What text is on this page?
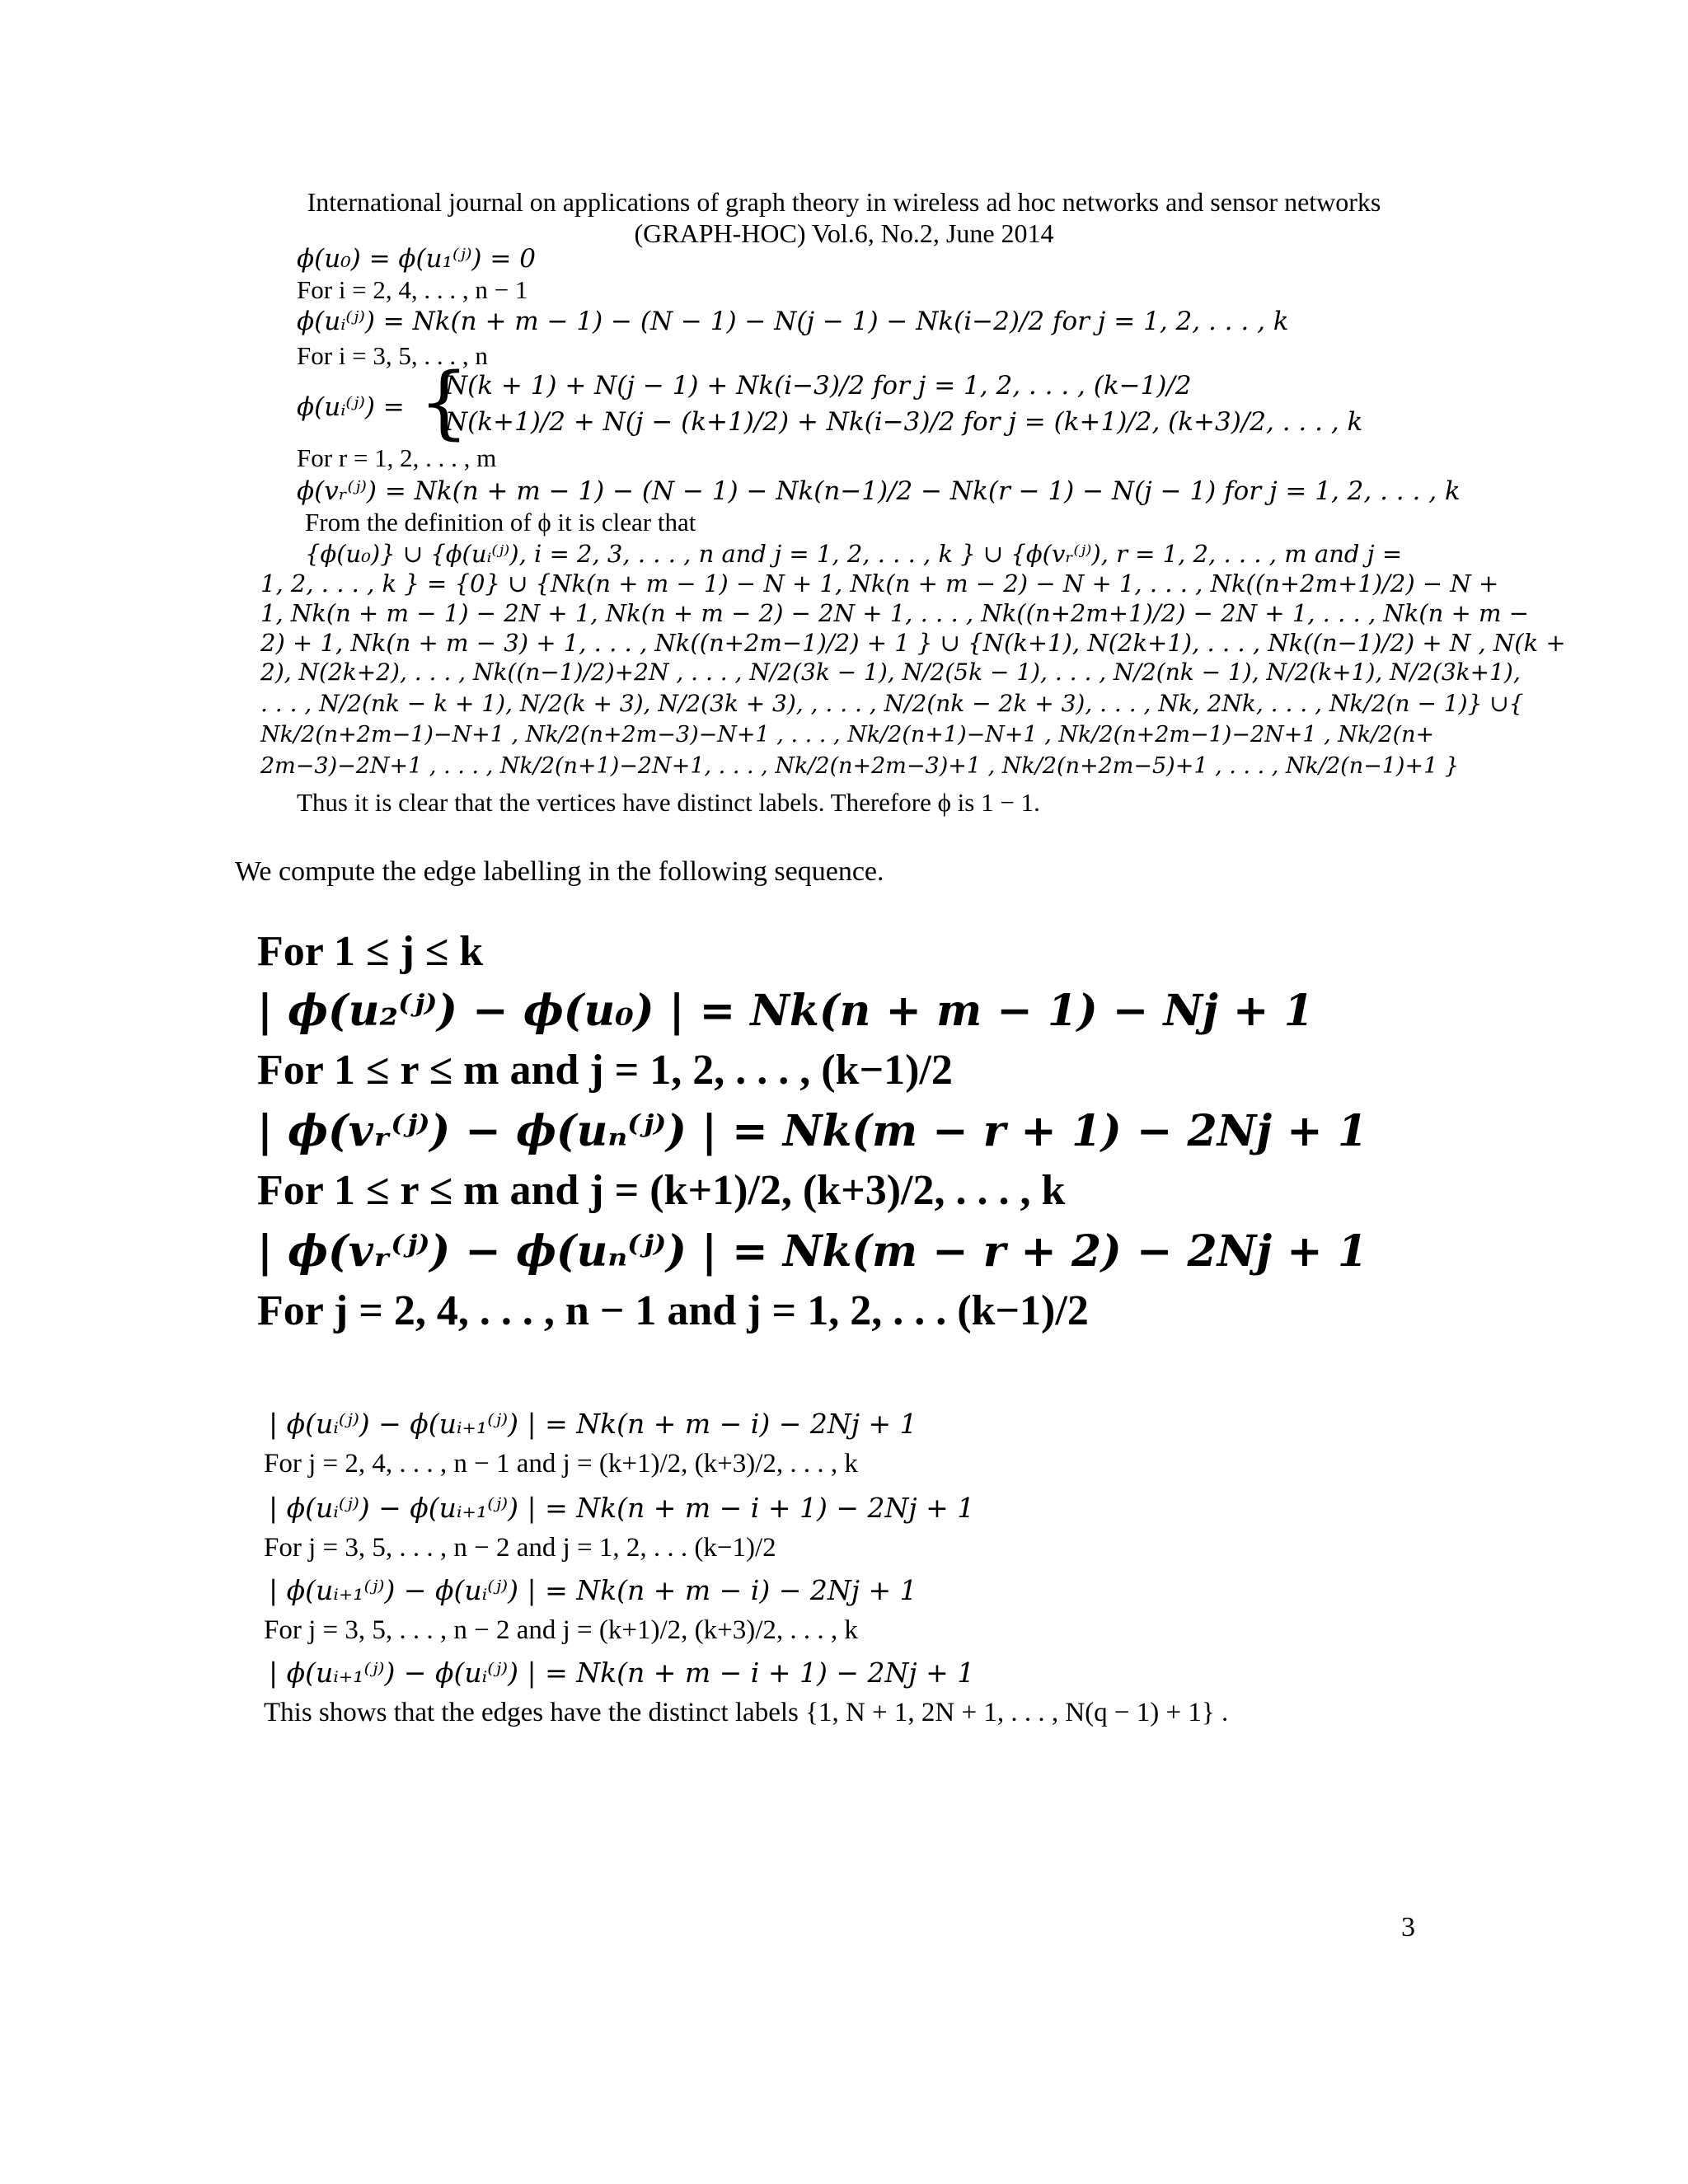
International journal on applications of graph theory in wireless ad hoc networks and sensor networks
(GRAPH-HOC) Vol.6, No.2, June 2014
ϕ(u₀) = ϕ(u₁⁽ʲ⁾) = 0
For i = 2, 4, . . . , n − 1
ϕ(uᵢ⁽ʲ⁾) = Nk(n + m − 1) − (N − 1) − N(j − 1) − Nk(i−2)/2 for j = 1, 2, . . . , k
For i = 3, 5, . . . , n
ϕ(uᵢ⁽ʲ⁾) = {
N(k + 1) + N(j − 1) + Nk(i−3)/2 for j = 1, 2, . . . , (k−1)/2
N(k+1)/2 + N(j − (k+1)/2) + Nk(i−3)/2 for j = (k+1)/2, (k+3)/2, . . . , k
For r = 1, 2, . . . , m
ϕ(vᵣ⁽ʲ⁾) = Nk(n + m − 1) − (N − 1) − Nk(n−1)/2 − Nk(r − 1) − N(j − 1) for j = 1, 2, . . . , k
From the definition of ϕ it is clear that
{ϕ(u₀)} ∪ {ϕ(uᵢ⁽ʲ⁾), i = 2, 3, . . . , n and j = 1, 2, . . . , k } ∪ {ϕ(vᵣ⁽ʲ⁾), r = 1, 2, . . . , m and j =
1, 2, . . . , k } = {0} ∪ {Nk(n + m − 1) − N + 1, Nk(n + m − 2) − N + 1, . . . , Nk((n+2m+1)/2) − N +
1, Nk(n + m − 1) − 2N + 1, Nk(n + m − 2) − 2N + 1, . . . , Nk((n+2m+1)/2) − 2N + 1, . . . , Nk(n + m −
2) + 1, Nk(n + m − 3) + 1, . . . , Nk((n+2m−1)/2) + 1 } ∪ {N(k+1), N(2k+1), . . . , Nk((n−1)/2) + N , N(k +
2), N(2k+2), . . . , Nk((n−1)/2)+2N , . . . , N/2(3k − 1), N/2(5k − 1), . . . , N/2(nk − 1), N/2(k+1), N/2(3k+1),
. . . , N/2(nk − k + 1), N/2(k + 3), N/2(3k + 3), , . . . , N/2(nk − 2k + 3), . . . , Nk, 2Nk, . . . , Nk/2(n − 1)} ∪{
Nk/2(n+2m−1)−N+1 , Nk/2(n+2m−3)−N+1 , . . . , Nk/2(n+1)−N+1 , Nk/2(n+2m−1)−2N+1 , Nk/2(n+
2m−3)−2N+1 , . . . , Nk/2(n+1)−2N+1, . . . , Nk/2(n+2m−3)+1 , Nk/2(n+2m−5)+1 , . . . , Nk/2(n−1)+1 }
Thus it is clear that the vertices have distinct labels. Therefore ϕ is 1 − 1.
We compute the edge labelling in the following sequence.
For 1 ≤ j ≤ k
| ϕ(u₂⁽ʲ⁾) − ϕ(u₀) | = Nk(n + m − 1) − Nj + 1
For 1 ≤ r ≤ m and j = 1, 2, . . . , (k−1)/2
| ϕ(vᵣ⁽ʲ⁾) − ϕ(uₙ⁽ʲ⁾) | = Nk(m − r + 1) − 2Nj + 1
For 1 ≤ r ≤ m and j = (k+1)/2, (k+3)/2, . . . , k
| ϕ(vᵣ⁽ʲ⁾) − ϕ(uₙ⁽ʲ⁾) | = Nk(m − r + 2) − 2Nj + 1
For j = 2, 4, . . . , n − 1 and j = 1, 2, . . . (k−1)/2
| ϕ(uᵢ⁽ʲ⁾) − ϕ(uᵢ₊₁⁽ʲ⁾) | = Nk(n + m − i) − 2Nj + 1
For j = 2, 4, . . . , n − 1 and j = (k+1)/2, (k+3)/2, . . . , k
| ϕ(uᵢ⁽ʲ⁾) − ϕ(uᵢ₊₁⁽ʲ⁾) | = Nk(n + m − i + 1) − 2Nj + 1
For j = 3, 5, . . . , n − 2 and j = 1, 2, . . . (k−1)/2
| ϕ(uᵢ₊₁⁽ʲ⁾) − ϕ(uᵢ⁽ʲ⁾) | = Nk(n + m − i) − 2Nj + 1
For j = 3, 5, . . . , n − 2 and j = (k+1)/2, (k+3)/2, . . . , k
| ϕ(uᵢ₊₁⁽ʲ⁾) − ϕ(uᵢ⁽ʲ⁾) | = Nk(n + m − i + 1) − 2Nj + 1
This shows that the edges have the distinct labels {1, N + 1, 2N + 1, . . . , N(q − 1) + 1} .
3
